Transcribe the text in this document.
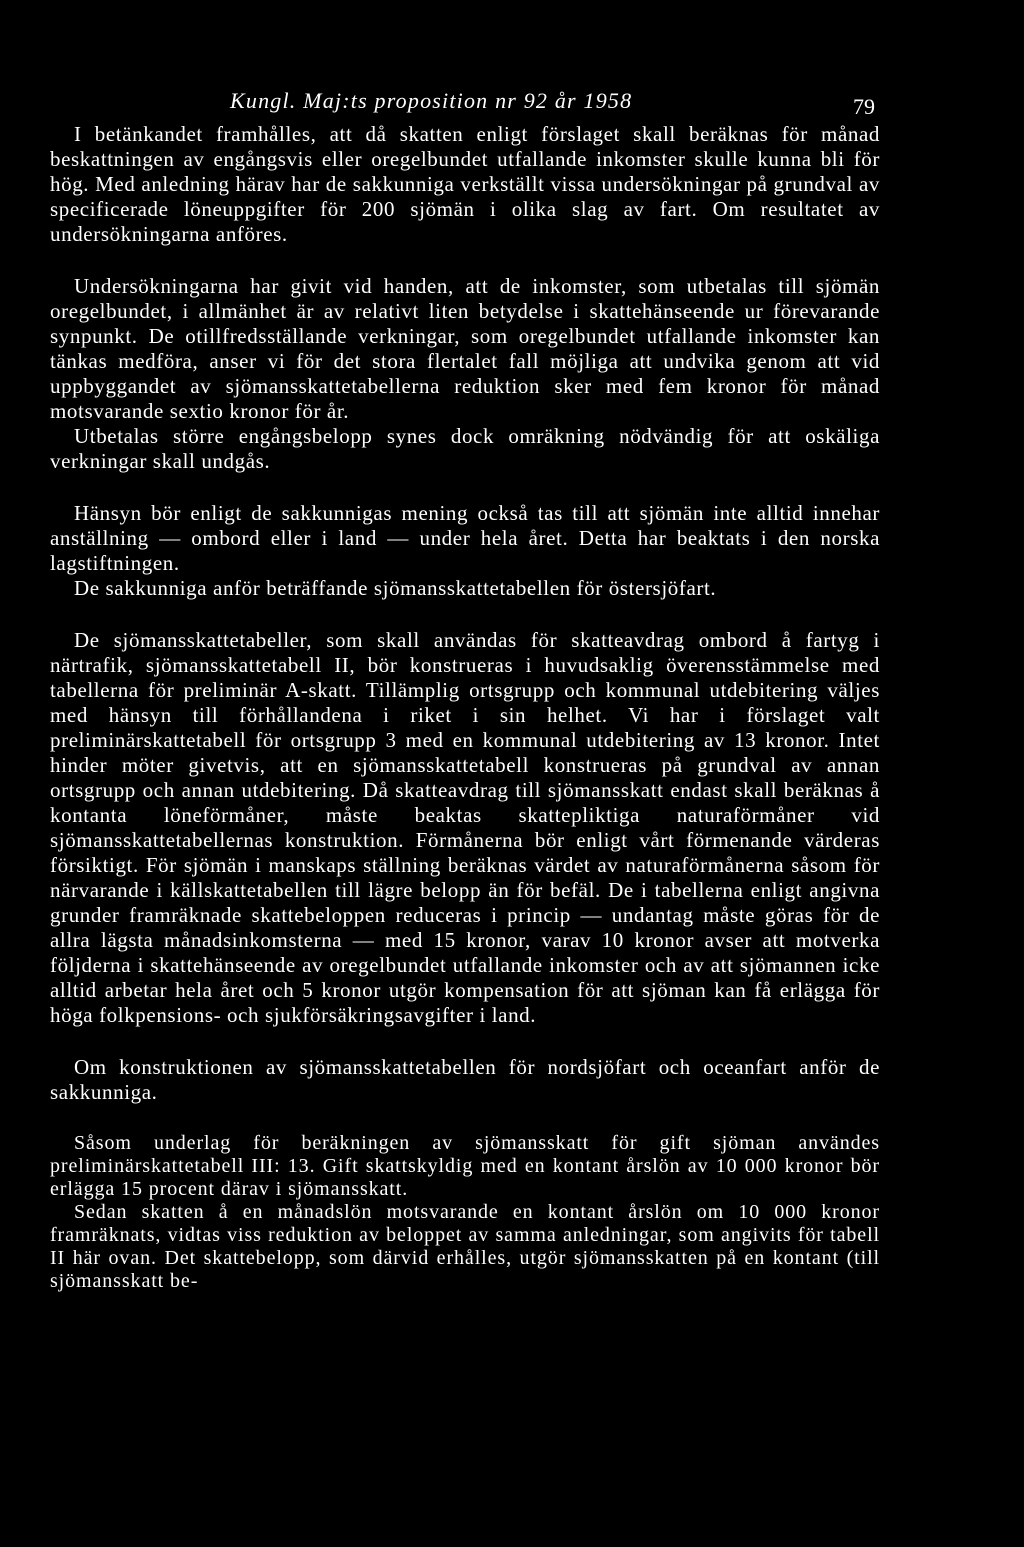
Kungl. Maj:ts proposition nr 92 år 1958	79

I betänkandet framhålles, att då skatten enligt förslaget skall beräknas för månad beskattningen av engångsvis eller oregelbundet utfallande inkomster skulle kunna bli för hög. Med anledning härav har de sakkunniga verkställt vissa undersökningar på grundval av specificerade löneuppgifter för 200 sjömän i olika slag av fart. Om resultatet av undersökningarna anföres.

Undersökningarna har givit vid handen, att de inkomster, som utbetalas till sjömän oregelbundet, i allmänhet är av relativt liten betydelse i skattehänseende ur förevarande synpunkt. De otillfredsställande verkningar, som oregelbundet utfallande inkomster kan tänkas medföra, anser vi för det stora flertalet fall möjliga att undvika genom att vid uppbyggandet av sjömansskattetabellerna reduktion sker med fem kronor för månad motsvarande sextio kronor för år.

Utbetalas större engångsbelopp synes dock omräkning nödvändig för att oskäliga verkningar skall undgås.

Hänsyn bör enligt de sakkunnigas mening också tas till att sjömän inte alltid innehar anställning — ombord eller i land — under hela året. Detta har beaktats i den norska lagstiftningen.

De sakkunniga anför beträffande sjömansskattetabellen för östersjöfart.

De sjömansskattetabeller, som skall användas för skatteavdrag ombord å fartyg i närtrafik, sjömansskattetabell II, bör konstrueras i huvudsaklig överensstämmelse med tabellerna för preliminär A-skatt. Tillämplig ortsgrupp och kommunal utdebitering väljes med hänsyn till förhållandena i riket i sin helhet. Vi har i förslaget valt preliminärskattetabell för ortsgrupp 3 med en kommunal utdebitering av 13 kronor. Intet hinder möter givetvis, att en sjömansskattetabell konstrueras på grundval av annan ortsgrupp och annan utdebitering. Då skatteavdrag till sjömansskatt endast skall beräknas å kontanta löneförmåner, måste beaktas skattepliktiga naturaförmåner vid sjömansskattetabellernas konstruktion. Förmånerna bör enligt vårt förmenande värderas försiktigt. För sjömän i manskaps ställning beräknas värdet av naturaförmånerna såsom för närvarande i källskattetabellen till lägre belopp än för befäl. De i tabellerna enligt angivna grunder framräknade skattebeloppen reduceras i princip — undantag måste göras för de allra lägsta månadsinkomsterna — med 15 kronor, varav 10 kronor avser att motverka följderna i skattehänseende av oregelbundet utfallande inkomster och av att sjömannen icke alltid arbetar hela året och 5 kronor utgör kompensation för att sjöman kan få erlägga för höga folkpensions- och sjukförsäkringsavgifter i land.

Om konstruktionen av sjömansskattetabellen för nordsjöfart och oceanfart anför de sakkunniga.

Såsom underlag för beräkningen av sjömansskatt för gift sjöman användes preliminärskattetabell III: 13. Gift skattskyldig med en kontant årslön av 10 000 kronor bör erlägga 15 procent därav i sjömansskatt.

Sedan skatten å en månadslön motsvarande en kontant årslön om 10 000 kronor framräknats, vidtas viss reduktion av beloppet av samma anledningar, som angivits för tabell II här ovan. Det skattebelopp, som därvid erhålles, utgör sjömansskatten på en kontant (till sjömansskatt be-
